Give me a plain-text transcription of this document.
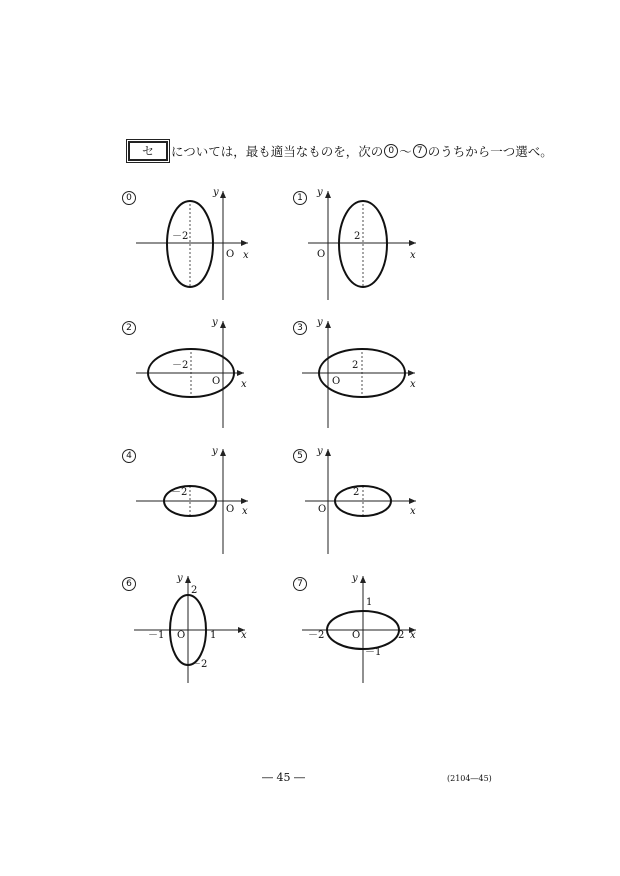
セ	については，最も適当なものを，次の 0 ～ 7 のうちから一つ選べ。
0	y
x
O
－2
1	y
x
O
2
2	y
x
O
－2
3	y
x
O
2
4	y
x
O
－2
5	y
x
O
2
6	y
x
O
2
－1	1
－2
7	y
x
O
1
－2	2
－1
― 45 ―	(2104―45)
